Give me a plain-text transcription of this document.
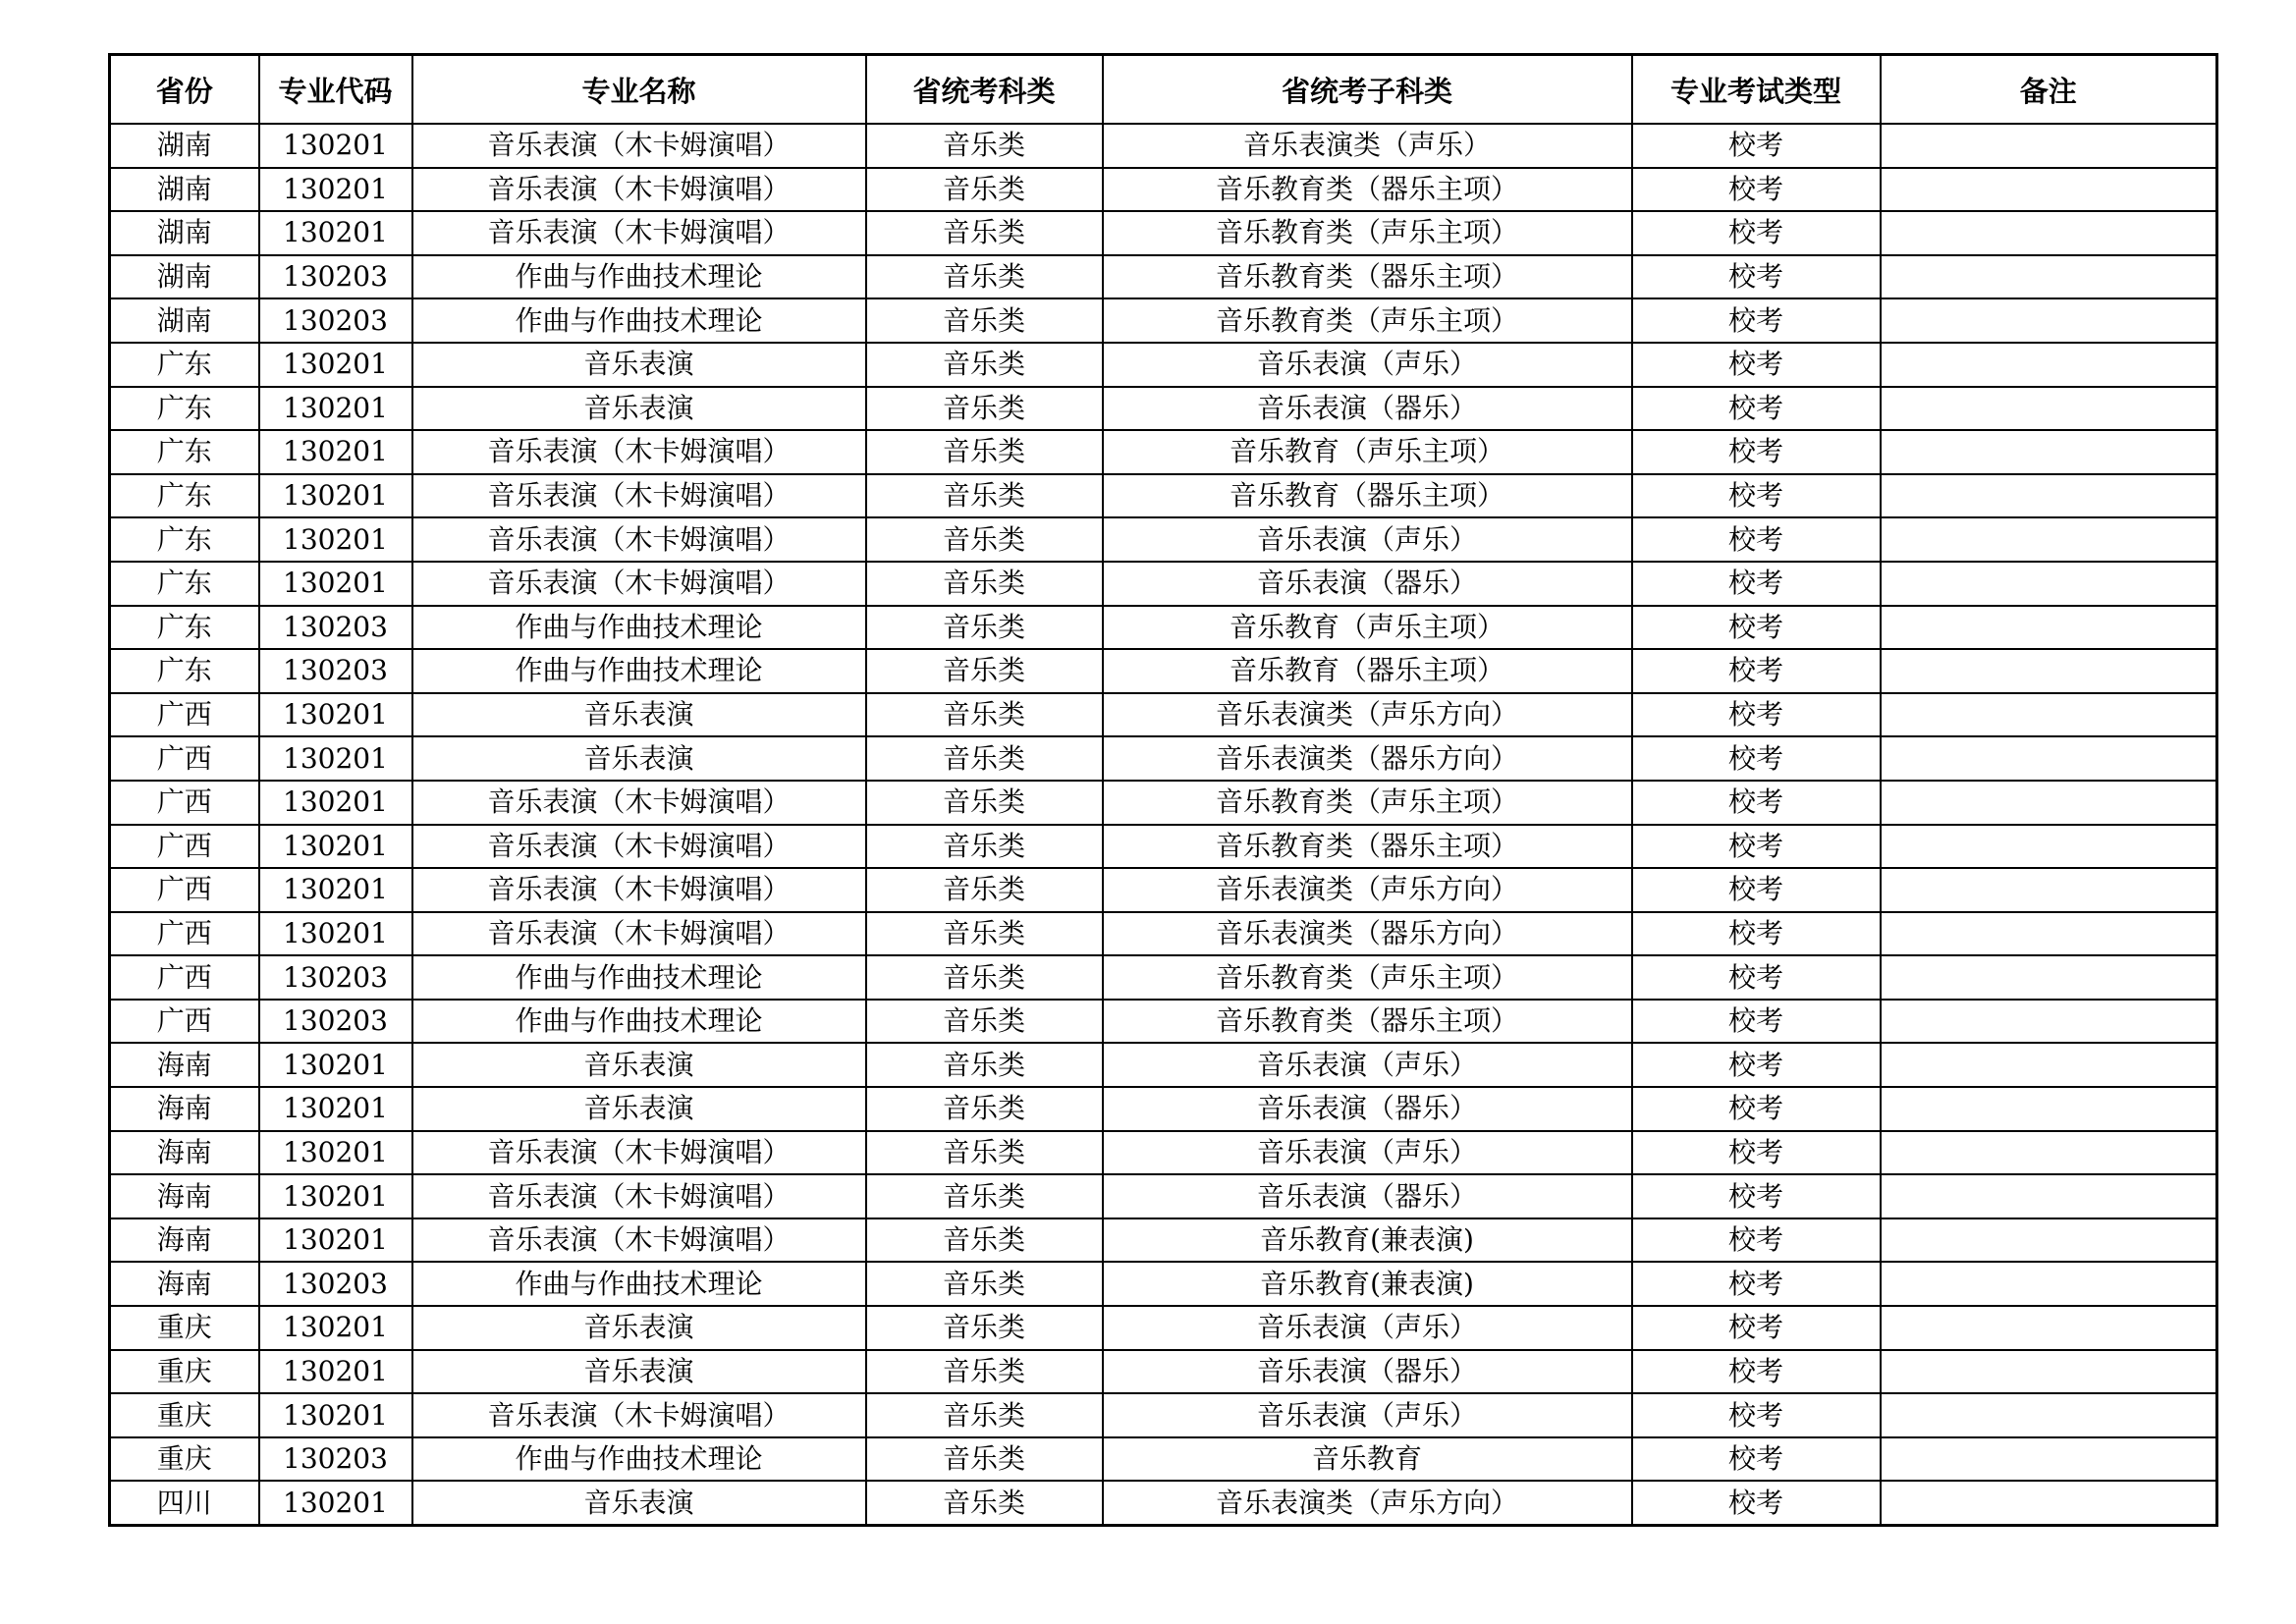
省份	专业代码	专业名称	省统考科类	省统考子科类	专业考试类型	备注
湖南	130201	音乐表演（木卡姆演唱）	音乐类	音乐表演类（声乐）	校考	
湖南	130201	音乐表演（木卡姆演唱）	音乐类	音乐教育类（器乐主项）	校考	
湖南	130201	音乐表演（木卡姆演唱）	音乐类	音乐教育类（声乐主项）	校考	
湖南	130203	作曲与作曲技术理论	音乐类	音乐教育类（器乐主项）	校考	
湖南	130203	作曲与作曲技术理论	音乐类	音乐教育类（声乐主项）	校考	
广东	130201	音乐表演	音乐类	音乐表演（声乐）	校考	
广东	130201	音乐表演	音乐类	音乐表演（器乐）	校考	
广东	130201	音乐表演（木卡姆演唱）	音乐类	音乐教育（声乐主项）	校考	
广东	130201	音乐表演（木卡姆演唱）	音乐类	音乐教育（器乐主项）	校考	
广东	130201	音乐表演（木卡姆演唱）	音乐类	音乐表演（声乐）	校考	
广东	130201	音乐表演（木卡姆演唱）	音乐类	音乐表演（器乐）	校考	
广东	130203	作曲与作曲技术理论	音乐类	音乐教育（声乐主项）	校考	
广东	130203	作曲与作曲技术理论	音乐类	音乐教育（器乐主项）	校考	
广西	130201	音乐表演	音乐类	音乐表演类（声乐方向）	校考	
广西	130201	音乐表演	音乐类	音乐表演类（器乐方向）	校考	
广西	130201	音乐表演（木卡姆演唱）	音乐类	音乐教育类（声乐主项）	校考	
广西	130201	音乐表演（木卡姆演唱）	音乐类	音乐教育类（器乐主项）	校考	
广西	130201	音乐表演（木卡姆演唱）	音乐类	音乐表演类（声乐方向）	校考	
广西	130201	音乐表演（木卡姆演唱）	音乐类	音乐表演类（器乐方向）	校考	
广西	130203	作曲与作曲技术理论	音乐类	音乐教育类（声乐主项）	校考	
广西	130203	作曲与作曲技术理论	音乐类	音乐教育类（器乐主项）	校考	
海南	130201	音乐表演	音乐类	音乐表演（声乐）	校考	
海南	130201	音乐表演	音乐类	音乐表演（器乐）	校考	
海南	130201	音乐表演（木卡姆演唱）	音乐类	音乐表演（声乐）	校考	
海南	130201	音乐表演（木卡姆演唱）	音乐类	音乐表演（器乐）	校考	
海南	130201	音乐表演（木卡姆演唱）	音乐类	音乐教育(兼表演)	校考	
海南	130203	作曲与作曲技术理论	音乐类	音乐教育(兼表演)	校考	
重庆	130201	音乐表演	音乐类	音乐表演（声乐）	校考	
重庆	130201	音乐表演	音乐类	音乐表演（器乐）	校考	
重庆	130201	音乐表演（木卡姆演唱）	音乐类	音乐表演（声乐）	校考	
重庆	130203	作曲与作曲技术理论	音乐类	音乐教育	校考	
四川	130201	音乐表演	音乐类	音乐表演类（声乐方向）	校考	
